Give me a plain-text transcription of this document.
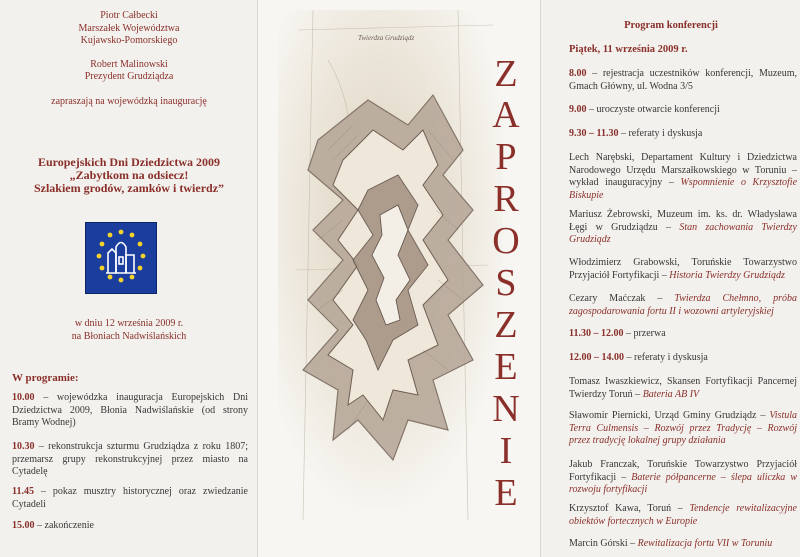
Piotr Całbecki

Marszałek Województwa

Kujawsko-Pomorskiego

Robert Malinowski

Prezydent Grudziądza

zapraszają na wojewódzką inaugurację

Europejskich Dni Dziedzictwa 2009
„Zabytkom na odsiecz!
Szlakiem grodów, zamków i twierdz”

w dniu 12 września 2009 r.

na Błoniach Nadwiślańskich

W programie:
10.00 – wojewódzka inauguracja Europejskich Dni Dziedzictwa 2009, Błonia Nadwiślańskie (od strony Bramy Wodnej)
10.30 – rekonstrukcja szturmu Grudziądza z roku 1807; przemarsz grupy rekonstrukcyjnej przez miasto na Cytadelę
11.45 – pokaz musztry historycznej oraz zwiedzanie Cytadeli
15.00 – zakończenie
Twierdza Grudziądz
Z
A
P
R
O
S
Z
E
N
I
E
Program konferencji
Piątek, 11 września 2009 r.
8.00 – rejestracja uczestników konferencji, Muzeum, Gmach Główny, ul. Wodna 3/5
9.00 – uroczyste otwarcie konferencji
9.30 – 11.30 – referaty i dyskusja
Lech Narębski, Departament Kultury i Dziedzictwa Narodowego Urzędu Marszałkowskiego w Toruniu – wykład inauguracyjny – Wspomnienie o Krzysztofie Biskupie
Mariusz Żebrowski, Muzeum im. ks. dr. Władysława Łęgi w Grudziądzu – Stan zachowania Twierdzy Grudziądz
Włodzimierz Grabowski, Toruńskie Towarzystwo Przyjaciół Fortyfikacji – Historia Twierdzy Grudziądz
Cezary Maćczak – Twierdza Chełmno, próba zagospodarowania fortu II i wozowni artyleryjskiej
11.30 – 12.00 – przerwa
12.00 – 14.00 – referaty i dyskusja
Tomasz Iwaszkiewicz, Skansen Fortyfikacji Pancernej Twierdzy Toruń – Bateria AB IV
Sławomir Piernicki, Urząd Gminy Grudziądz – Vistula Terra Culmensis – Rozwój przez Tradycję – Rozwój przez tradycję lokalnej grupy działania
Jakub Franczak, Toruńskie Towarzystwo Przyjaciół Fortyfikacji – Baterie półpancerne – ślepa uliczka w rozwoju fortyfikacji
Krzysztof Kawa, Toruń – Tendencje rewitalizacyjne obiektów fortecznych w Europie
Marcin Górski – Rewitalizacja fortu VII w Toruniu
